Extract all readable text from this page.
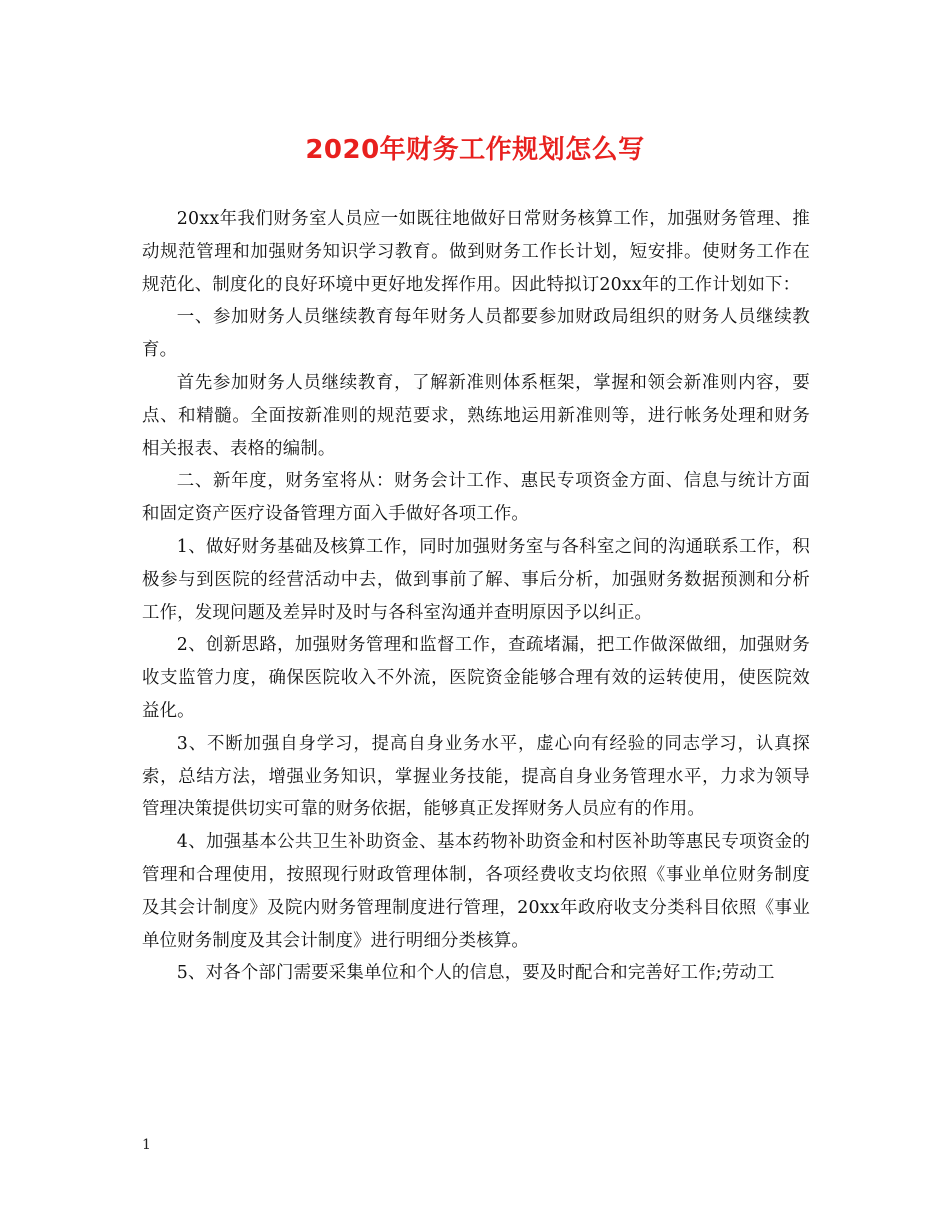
2020年财务工作规划怎么写

20xx年我们财务室人员应一如既往地做好日常财务核算工作，加强财务管理、推动规范管理和加强财务知识学习教育。做到财务工作长计划，短安排。使财务工作在规范化、制度化的良好环境中更好地发挥作用。因此特拟订20xx年的工作计划如下：

一、参加财务人员继续教育每年财务人员都要参加财政局组织的财务人员继续教育。

首先参加财务人员继续教育，了解新准则体系框架，掌握和领会新准则内容，要点、和精髓。全面按新准则的规范要求，熟练地运用新准则等，进行帐务处理和财务相关报表、表格的编制。

二、新年度，财务室将从：财务会计工作、惠民专项资金方面、信息与统计方面和固定资产医疗设备管理方面入手做好各项工作。

1、做好财务基础及核算工作，同时加强财务室与各科室之间的沟通联系工作，积极参与到医院的经营活动中去，做到事前了解、事后分析，加强财务数据预测和分析工作，发现问题及差异时及时与各科室沟通并查明原因予以纠正。

2、创新思路，加强财务管理和监督工作，查疏堵漏，把工作做深做细，加强财务收支监管力度，确保医院收入不外流，医院资金能够合理有效的运转使用，使医院效益化。

3、不断加强自身学习，提高自身业务水平，虚心向有经验的同志学习，认真探索，总结方法，增强业务知识，掌握业务技能，提高自身业务管理水平，力求为领导管理决策提供切实可靠的财务依据，能够真正发挥财务人员应有的作用。

4、加强基本公共卫生补助资金、基本药物补助资金和村医补助等惠民专项资金的管理和合理使用，按照现行财政管理体制，各项经费收支均依照《事业单位财务制度及其会计制度》及院内财务管理制度进行管理，20xx年政府收支分类科目依照《事业单位财务制度及其会计制度》进行明细分类核算。

5、对各个部门需要采集单位和个人的信息，要及时配合和完善好工作;劳动工

1
